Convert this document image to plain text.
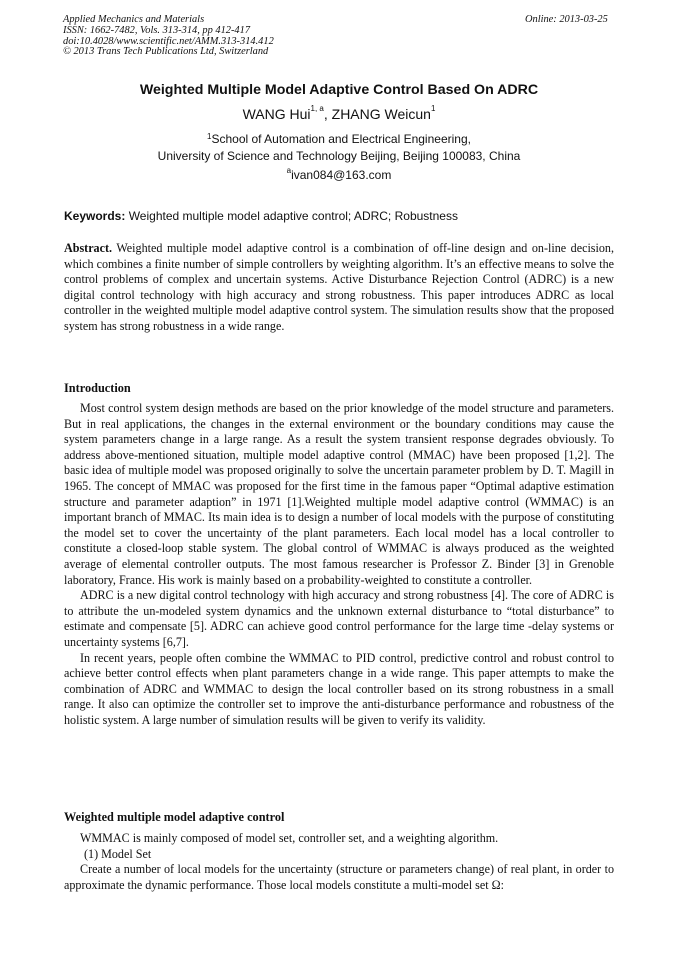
Applied Mechanics and Materials
ISSN: 1662-7482, Vols. 313-314, pp 412-417
doi:10.4028/www.scientific.net/AMM.313-314.412
© 2013 Trans Tech Publications Ltd, Switzerland
Online: 2013-03-25
Weighted Multiple Model Adaptive Control Based On ADRC
WANG Hui$^{1, a}$, ZHANG Weicun$^1$
$^1$School of Automation and Electrical Engineering,
University of Science and Technology Beijing, Beijing 100083, China
$^a$ivan084@163.com
Keywords: Weighted multiple model adaptive control; ADRC; Robustness

Abstract. Weighted multiple model adaptive control is a combination of off-line design and on-line decision, which combines a finite number of simple controllers by weighting algorithm. It’s an effective means to solve the control problems of complex and uncertain systems. Active Disturbance Rejection Control (ADRC) is a new digital control technology with high accuracy and strong robustness. This paper introduces ADRC as local controller in the weighted multiple model adaptive control system. The simulation results show that the proposed system has strong robustness in a wide range.

Introduction

Most control system design methods are based on the prior knowledge of the model structure and parameters. But in real applications, the changes in the external environment or the boundary conditions may cause the system parameters change in a large range. As a result the system transient response degrades obviously. To address above-mentioned situation, multiple model adaptive control (MMAC) have been proposed [1,2]. The basic idea of multiple model was proposed originally to solve the uncertain parameter problem by D. T. Magill in 1965. The concept of MMAC was proposed for the first time in the famous paper “Optimal adaptive estimation structure and parameter adaption” in 1971 [1].Weighted multiple model adaptive control (WMMAC) is an important branch of MMAC. Its main idea is to design a number of local models with the purpose of constituting the model set to cover the uncertainty of the plant parameters. Each local model has a local controller to constitute a closed-loop stable system. The global control of WMMAC is always produced as the weighted average of elemental controller outputs. The most famous researcher is Professor Z. Binder [3] in Grenoble laboratory, France. His work is mainly based on a probability-weighted to constitute a controller.

ADRC is a new digital control technology with high accuracy and strong robustness [4]. The core of ADRC is to attribute the un-modeled system dynamics and the unknown external disturbance to “total disturbance” to estimate and compensate [5]. ADRC can achieve good control performance for the large time -delay systems or uncertainty systems [6,7].

In recent years, people often combine the WMMAC to PID control, predictive control and robust control to achieve better control effects when plant parameters change in a wide range. This paper attempts to make the combination of ADRC and WMMAC to design the local controller based on its strong robustness in a small range. It also can optimize the controller set to improve the anti-disturbance performance and robustness of the holistic system. A large number of simulation results will be given to verify its validity.

Weighted multiple model adaptive control

WMMAC is mainly composed of model set, controller set, and a weighting algorithm.

(1) Model Set

Create a number of local models for the uncertainty (structure or parameters change) of real plant, in order to approximate the dynamic performance. Those local models constitute a multi-model set Ω:
